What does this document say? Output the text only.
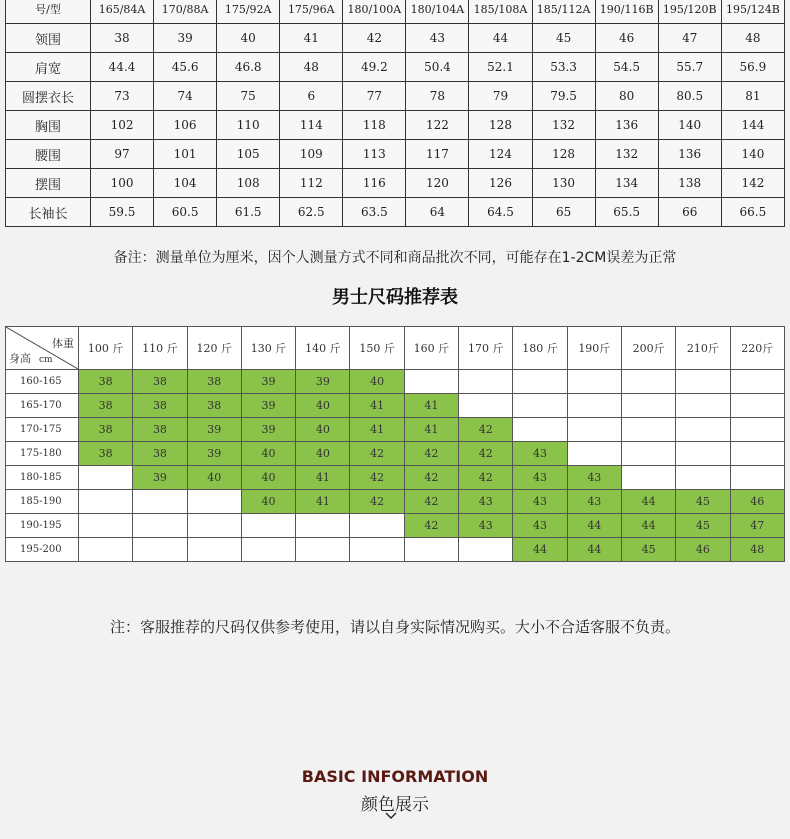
号/型	165/84A	170/88A	175/92A	175/96A	180/100A	180/104A	185/108A	185/112A	190/116B	195/120B	195/124B
领围	38	39	40	41	42	43	44	45	46	47	48
肩宽	44.4	45.6	46.8	48	49.2	50.4	52.1	53.3	54.5	55.7	56.9
圆摆衣长	73	74	75	6	77	78	79	79.5	80	80.5	81
胸围	102	106	110	114	118	122	128	132	136	140	144
腰围	97	101	105	109	113	117	124	128	132	136	140
摆围	100	104	108	112	116	120	126	130	134	138	142
长袖长	59.5	60.5	61.5	62.5	63.5	64	64.5	65	65.5	66	66.5
备注：测量单位为厘米，因个人测量方式不同和商品批次不同，可能存在1-2CM误差为正常
男士尺码推荐表
体重
身高 cm	100 斤	110 斤	120 斤	130 斤	140 斤	150 斤	160 斤	170 斤	180 斤	190斤	200斤	210斤	220斤
160-165	38	38	38	39	39	40							
165-170	38	38	38	39	40	41	41						
170-175	38	38	39	39	40	41	41	42					
175-180	38	38	39	40	40	42	42	42	43				
180-185		39	40	40	41	42	42	42	43	43			
185-190				40	41	42	42	43	43	43	44	45	46
190-195							42	43	43	44	44	45	47
195-200									44	44	45	46	48
注：客服推荐的尺码仅供参考使用，请以自身实际情况购买。大小不合适客服不负责。
BASIC INFORMATION
颜色展示
